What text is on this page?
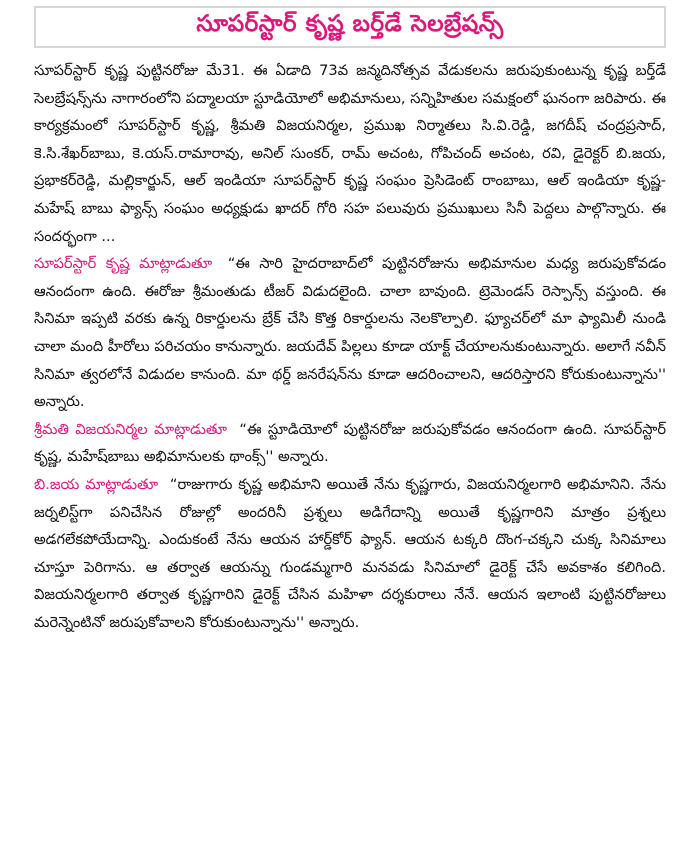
సూపర్‌స్టార్ కృష్ణ బర్త్‌డే సెలబ్రేషన్స్

సూపర్‌స్టార్ కృష్ణ పుట్టినరోజు మే31. ఈ ఏడాది 73వ జన్మదినోత్సవ వేడుకలను జరుపుకుంటున్న కృష్ణ బర్త్‌డే సెలబ్రేషన్స్‌ను నాగారంలోని పద్మాలయా స్టూడియోలో అభిమానులు, సన్నిహితుల సమక్షంలో ఘనంగా జరిపారు. ఈ కార్యక్రమంలో సూపర్‌స్టార్ కృష్ణ, శ్రీమతి విజయనిర్మల, ప్రముఖ నిర్మాతలు సి.వి.రెడ్డి, జగదీష్ చంద్రప్రసాద్, కె.సి.శేఖర్‌బాబు, కె.యస్.రామారావు, అనిల్ సుంకర్, రామ్ అచంట, గోపిచంద్ అచంట, రవి, డైరెక్టర్ బి.జయ, ప్రభాకర్‌రెడ్డి, మల్లికార్జున్, ఆల్ ఇండియా సూపర్‌స్టార్ కృష్ణ సంఘం ప్రెసిడెంట్ రాంబాబు, ఆల్ ఇండియా కృష్ణ-మహేష్ బాబు ఫ్యాన్స్ సంఘం అధ్యక్షుడు ఖాదర్ గోరి సహ పలువురు ప్రముఖులు సినీ పెద్దలు పాల్గొన్నారు. ఈ సందర్భంగా ...

సూపర్‌స్టార్ కృష్ణ మాట్లాడుతూ “ఈ సారి హైదరాబాద్‌లో పుట్టినరోజును అభిమానుల మధ్య జరుపుకోవడం ఆనందంగా ఉంది. ఈరోజు శ్రీమంతుడు టీజర్ విడుదలైంది. చాలా బావుంది. ట్రెమెండస్ రెస్పాన్స్ వస్తుంది. ఈ సినిమా ఇప్పటి వరకు ఉన్న రికార్డులను బ్రేక్ చేసి కొత్త రికార్డులను నెలకొల్పాలి. ఫ్యూచర్‌లో మా ఫ్యామిలీ నుండి చాలా మంది హీరోలు పరిచయం కానున్నారు. జయదేవ్ పిల్లలు కూడా యాక్ట్ చేయాలనుకుంటున్నారు. అలాగే నవీన్ సినిమా త్వరలోనే విడుదల కానుంది. మా థర్డ్ జనరేషన్‌ను కూడా ఆదరించాలని, ఆదరిస్తారని కోరుకుంటున్నాను'' అన్నారు.

శ్రీమతి విజయనిర్మల మాట్లాడుతూ “ఈ స్టూడియోలో పుట్టినరోజు జరుపుకోవడం ఆనందంగా ఉంది. సూపర్‌స్టార్ కృష్ణ, మహేష్‌బాబు అభిమానులకు థాంక్స్'' అన్నారు.

బి.జయ మాట్లాడుతూ “రాజుగారు కృష్ణ అభిమాని అయితే నేను కృష్ణగారు, విజయనిర్మలగారి అభిమానిని. నేను జర్నలిస్ట్‌గా పనిచేసిన రోజుల్లో అందరినీ ప్రశ్నలు అడిగేదాన్ని అయితే కృష్ణగారిని మాత్రం ప్రశ్నలు అడగలేకపోయేదాన్ని. ఎందుకంటే నేను ఆయన హార్డ్‌కోర్ ఫ్యాన్. ఆయన టక్కరి దొంగ-చక్కని చుక్క సినిమాలు చూస్తూ పెరిగాను. ఆ తర్వాత ఆయన్ను గుండమ్మగారి మనవడు సినిమాలో డైరెక్ట్ చేసే అవకాశం కలిగింది. విజయనిర్మలగారి తర్వాత కృష్ణగారిని డైరెక్ట్ చేసిన మహిళా దర్శకురాలు నేనే. ఆయన ఇలాంటి పుట్టినరోజులు మరెన్నెంటినో జరుపుకోవాలని కోరుకుంటున్నాను'' అన్నారు.
